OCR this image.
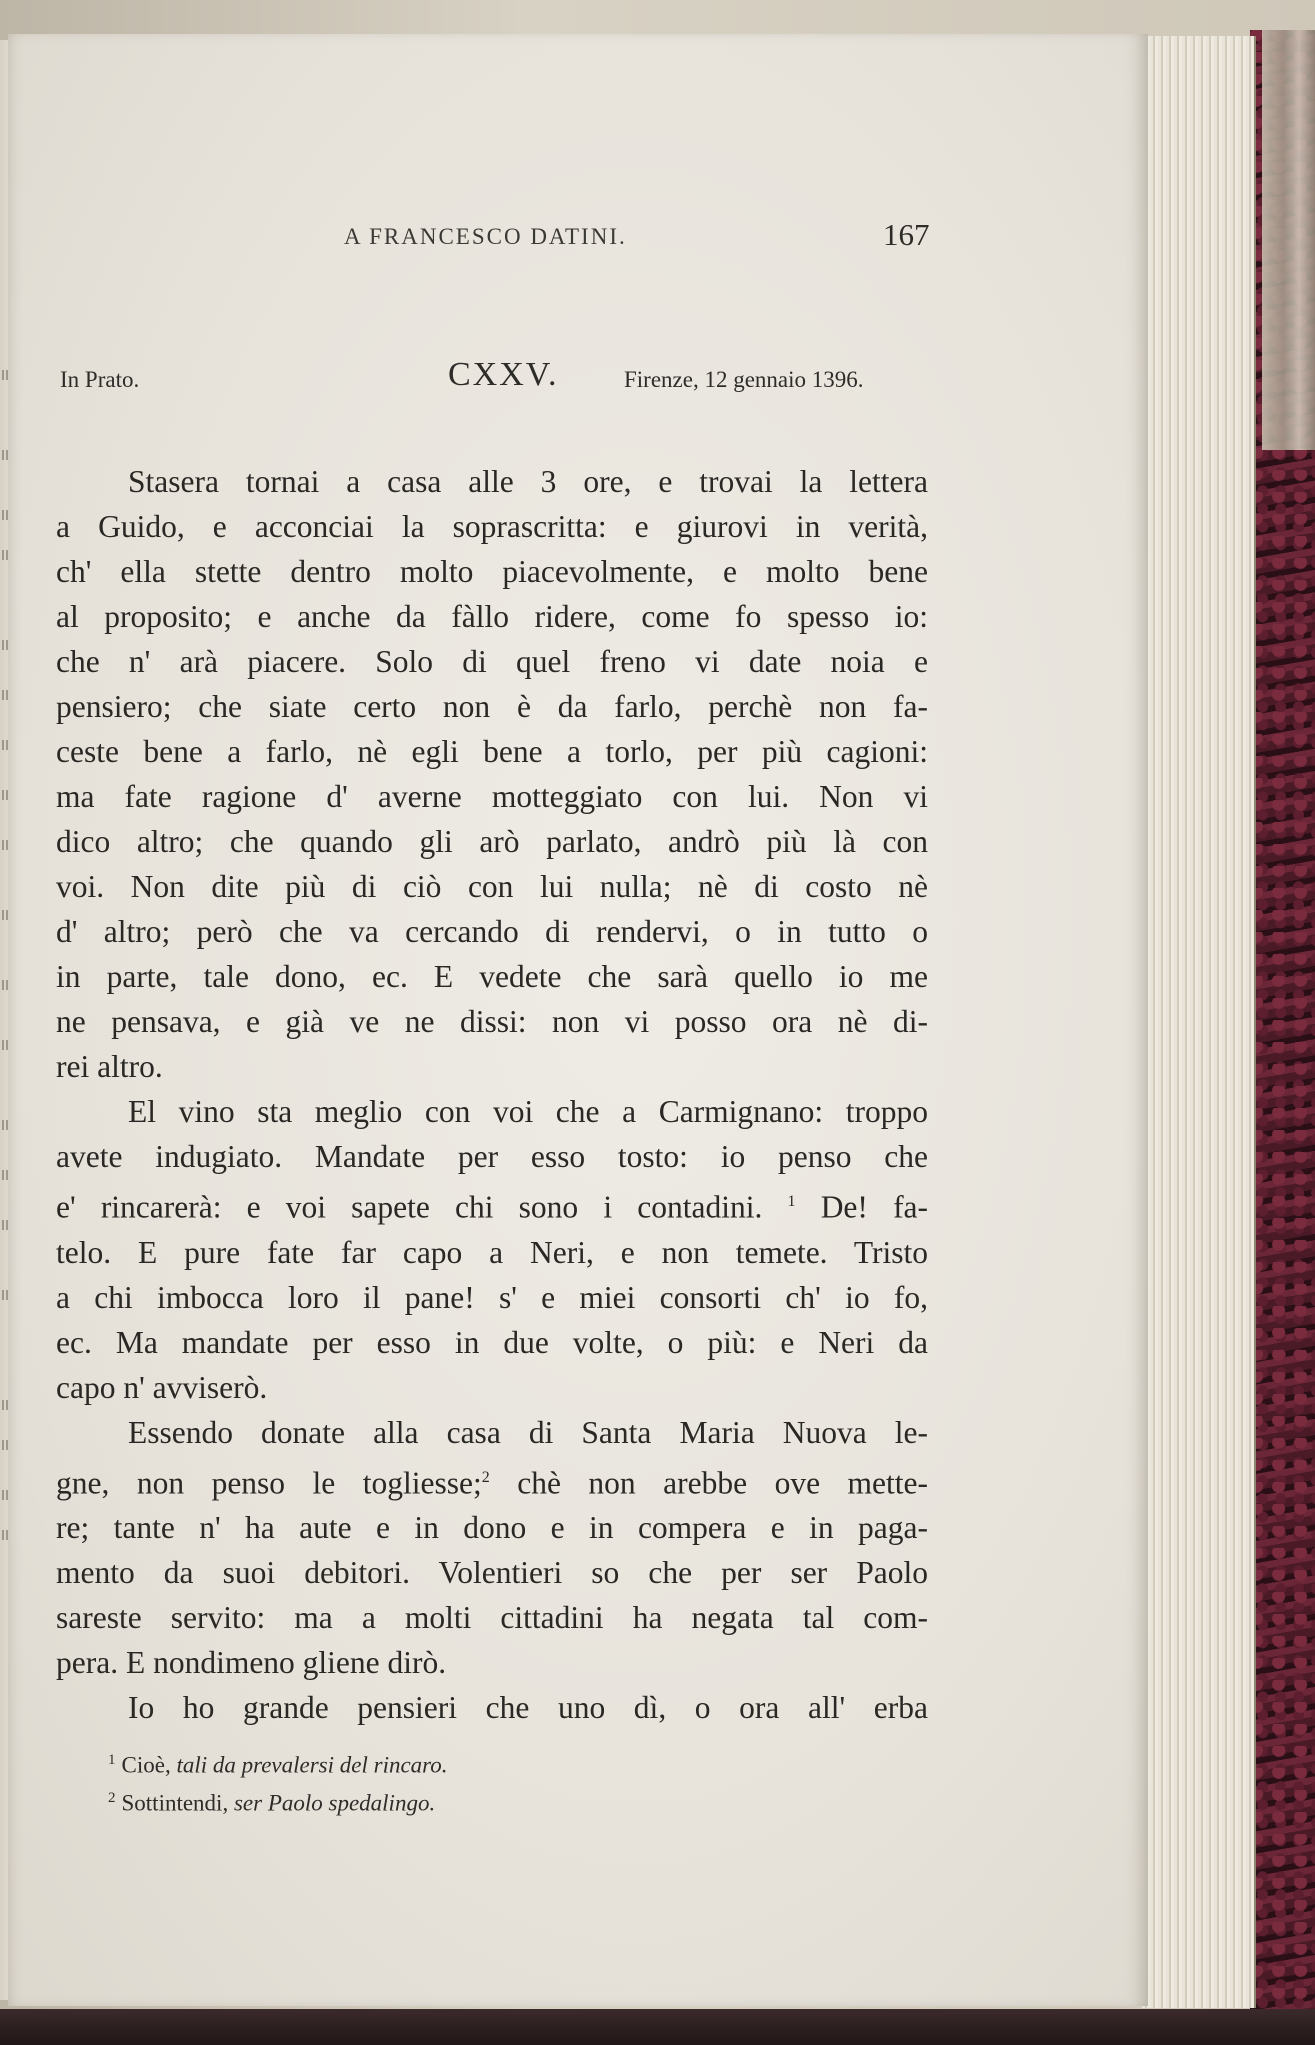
A FRANCESCO DATINI.	167
In Prato.	CXXV.	Firenze, 12 gennaio 1396.
Stasera tornai a casa alle 3 ore, e trovai la lettera
a Guido, e acconciai la soprascritta: e giurovi in verità,
ch' ella stette dentro molto piacevolmente, e molto bene
al proposito; e anche da fàllo ridere, come fo spesso io:
che n' arà piacere. Solo di quel freno vi date noia e
pensiero; che siate certo non è da farlo, perchè non fa-
ceste bene a farlo, nè egli bene a torlo, per più cagioni:
ma fate ragione d' averne motteggiato con lui. Non vi
dico altro; che quando gli arò parlato, andrò più là con
voi. Non dite più di ciò con lui nulla; nè di costo nè
d' altro; però che va cercando di rendervi, o in tutto o
in parte, tale dono, ec. E vedete che sarà quello io me
ne pensava, e già ve ne dissi: non vi posso ora nè di-
rei altro.
El vino sta meglio con voi che a Carmignano: troppo
avete indugiato. Mandate per esso tosto: io penso che
e' rincarerà: e voi sapete chi sono i contadini. $^1$ De! fa-
telo. E pure fate far capo a Neri, e non temete. Tristo
a chi imbocca loro il pane! s' e miei consorti ch' io fo,
ec. Ma mandate per esso in due volte, o più: e Neri da
capo n' avviserò.
Essendo donate alla casa di Santa Maria Nuova le-
gne, non penso le togliesse;$^2$ chè non arebbe ove mette-
re; tante n' ha aute e in dono e in compera e in paga-
mento da suoi debitori. Volentieri so che per ser Paolo
sareste servito: ma a molti cittadini ha negata tal com-
pera. E nondimeno gliene dirò.
Io ho grande pensieri che uno dì, o ora all' erba
$^1$ Cioè, tali da prevalersi del rincaro.
$^2$ Sottintendi, ser Paolo spedalingo.
